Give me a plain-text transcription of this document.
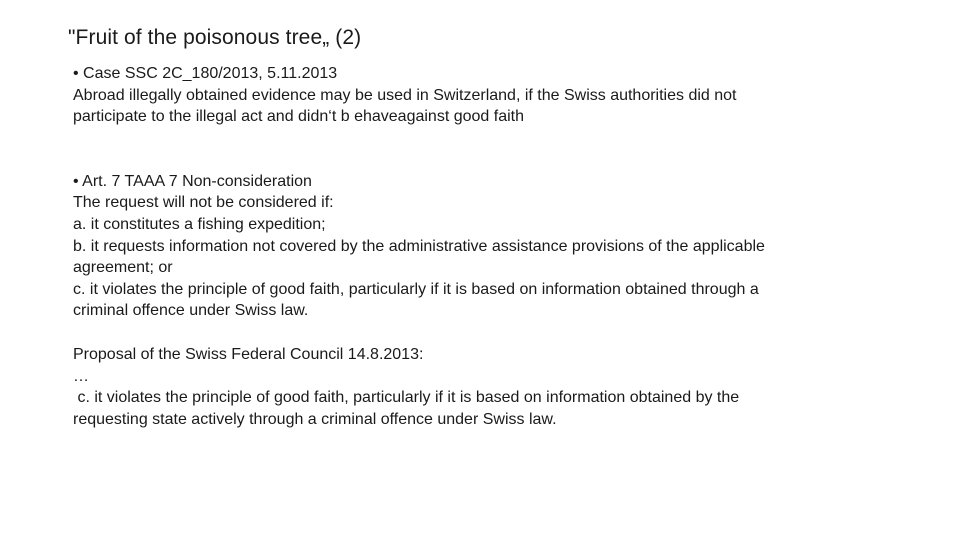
"Fruit of the poisonous tree„ (2)
• Case SSC 2C_180/2013, 5.11.2013
Abroad illegally obtained evidence may be used in Switzerland, if the Swiss authorities did not
participate to the illegal act and didn‘t b ehaveagainst good faith
• Art. 7 TAAA 7 Non-consideration
The request will not be considered if:
a. it constitutes a fishing expedition;
b. it requests information not covered by the administrative assistance provisions of the applicable
agreement; or
c. it violates the principle of good faith, particularly if it is based on information obtained through a
criminal offence under Swiss law.
Proposal of the Swiss Federal Council 14.8.2013:
…
c. it violates the principle of good faith, particularly if it is based on information obtained by the
requesting state actively through a criminal offence under Swiss law.
